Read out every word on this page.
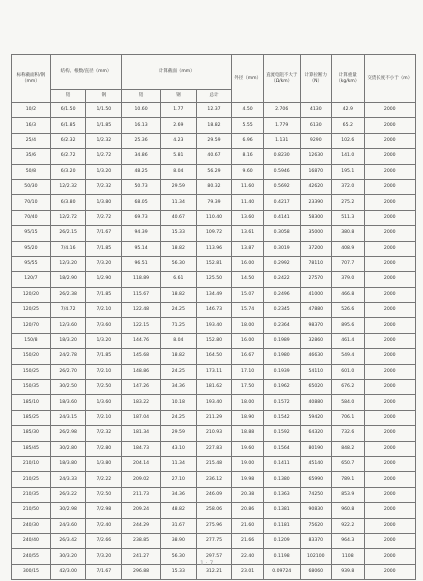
标称截面积/钢（mm）	结构、根数/直径（mm）		计算截面（mm）			外径（mm）	直流电阻不大于（Ω/km）	计算拉断力（N）	计算重量（kg/km）	交货长度不小于（m）
	铝	钢	铝	钢	总计					
10/2	6/1.50	1/1.50	10.60	1.77	12.37	4.50	2.706	4130	42.9	2000
16/3	6/1.85	1/1.85	16.13	2.69	18.82	5.55	1.779	6130	65.2	2000
25/4	6/2.32	1/2.32	25.36	4.23	29.59	6.96	1.131	9290	102.6	2000
35/6	6/2.72	1/2.72	34.86	5.81	40.67	8.16	0.8230	12630	141.0	2000
50/8	6/3.20	1/3.20	48.25	8.04	56.29	9.60	0.5946	16870	195.1	2000
50/30	12/2.32	7/2.32	50.73	29.59	80.32	11.60	0.5692	42620	372.0	2000
70/10	6/3.80	1/3.80	68.05	11.34	79.39	11.40	0.4217	23390	275.2	2000
70/40	12/2.72	7/2.72	69.73	40.67	110.40	13.60	0.4141	58300	511.3	2000
95/15	26/2.15	7/1.67	94.39	15.33	109.72	13.61	0.3058	35000	380.8	2000
95/20	7/4.16	7/1.85	95.14	18.82	113.96	13.87	0.3019	37200	408.9	2000
95/55	12/3.20	7/3.20	96.51	56.30	152.81	16.00	0.2992	78110	707.7	2000
120/7	18/2.90	1/2.90	118.89	6.61	125.50	14.50	0.2422	27570	379.0	2000
120/20	26/2.38	7/1.85	115.67	18.82	134.49	15.07	0.2496	41000	466.8	2000
120/25	7/4.72	7/2.10	122.48	24.25	146.73	15.74	0.2345	47880	526.6	2000
120/70	12/3.60	7/3.60	122.15	71.25	193.40	18.00	0.2364	98370	895.6	2000
150/8	18/3.20	1/3.20	144.76	8.04	152.80	16.00	0.1989	32860	461.4	2000
150/20	24/2.78	7/1.85	145.68	18.82	164.50	16.67	0.1980	46630	549.4	2000
150/25	26/2.70	7/2.10	148.86	24.25	173.11	17.10	0.1939	54110	601.0	2000
150/35	30/2.50	7/2.50	147.26	34.36	181.62	17.50	0.1962	65020	676.2	2000
185/10	18/3.60	1/3.60	183.22	10.18	193.40	18.00	0.1572	40880	584.0	2000
185/25	24/3.15	7/2.10	187.04	24.25	211.29	18.90	0.1542	59420	706.1	2000
185/30	26/2.98	7/2.32	181.34	29.59	210.93	18.88	0.1592	64320	732.6	2000
185/45	30/2.80	7/2.80	184.73	43.10	227.83	19.60	0.1564	80190	848.2	2000
210/10	18/3.80	1/3.80	204.14	11.34	215.48	19.00	0.1411	45140	650.7	2000
210/25	24/3.33	7/2.22	209.02	27.10	236.12	19.98	0.1380	65990	789.1	2000
210/35	26/3.22	7/2.50	211.73	34.36	246.09	20.38	0.1363	74250	853.9	2000
210/50	30/2.98	7/2.98	209.24	48.82	258.06	20.86	0.1381	90830	960.8	2000
240/30	24/3.60	7/2.40	244.29	31.67	275.96	21.60	0.1181	75620	922.2	2000
240/40	26/3.42	7/2.66	238.85	38.90	277.75	21.66	0.1209	83370	964.3	2000
240/55	30/3.20	7/3.20	241.27	56.30	297.57	22.40	0.1198	102100	1108	2000
300/15	42/3.00	7/1.67	296.88	15.33	312.21	23.01	0.09724	68060	939.8	2000
1 · 7
